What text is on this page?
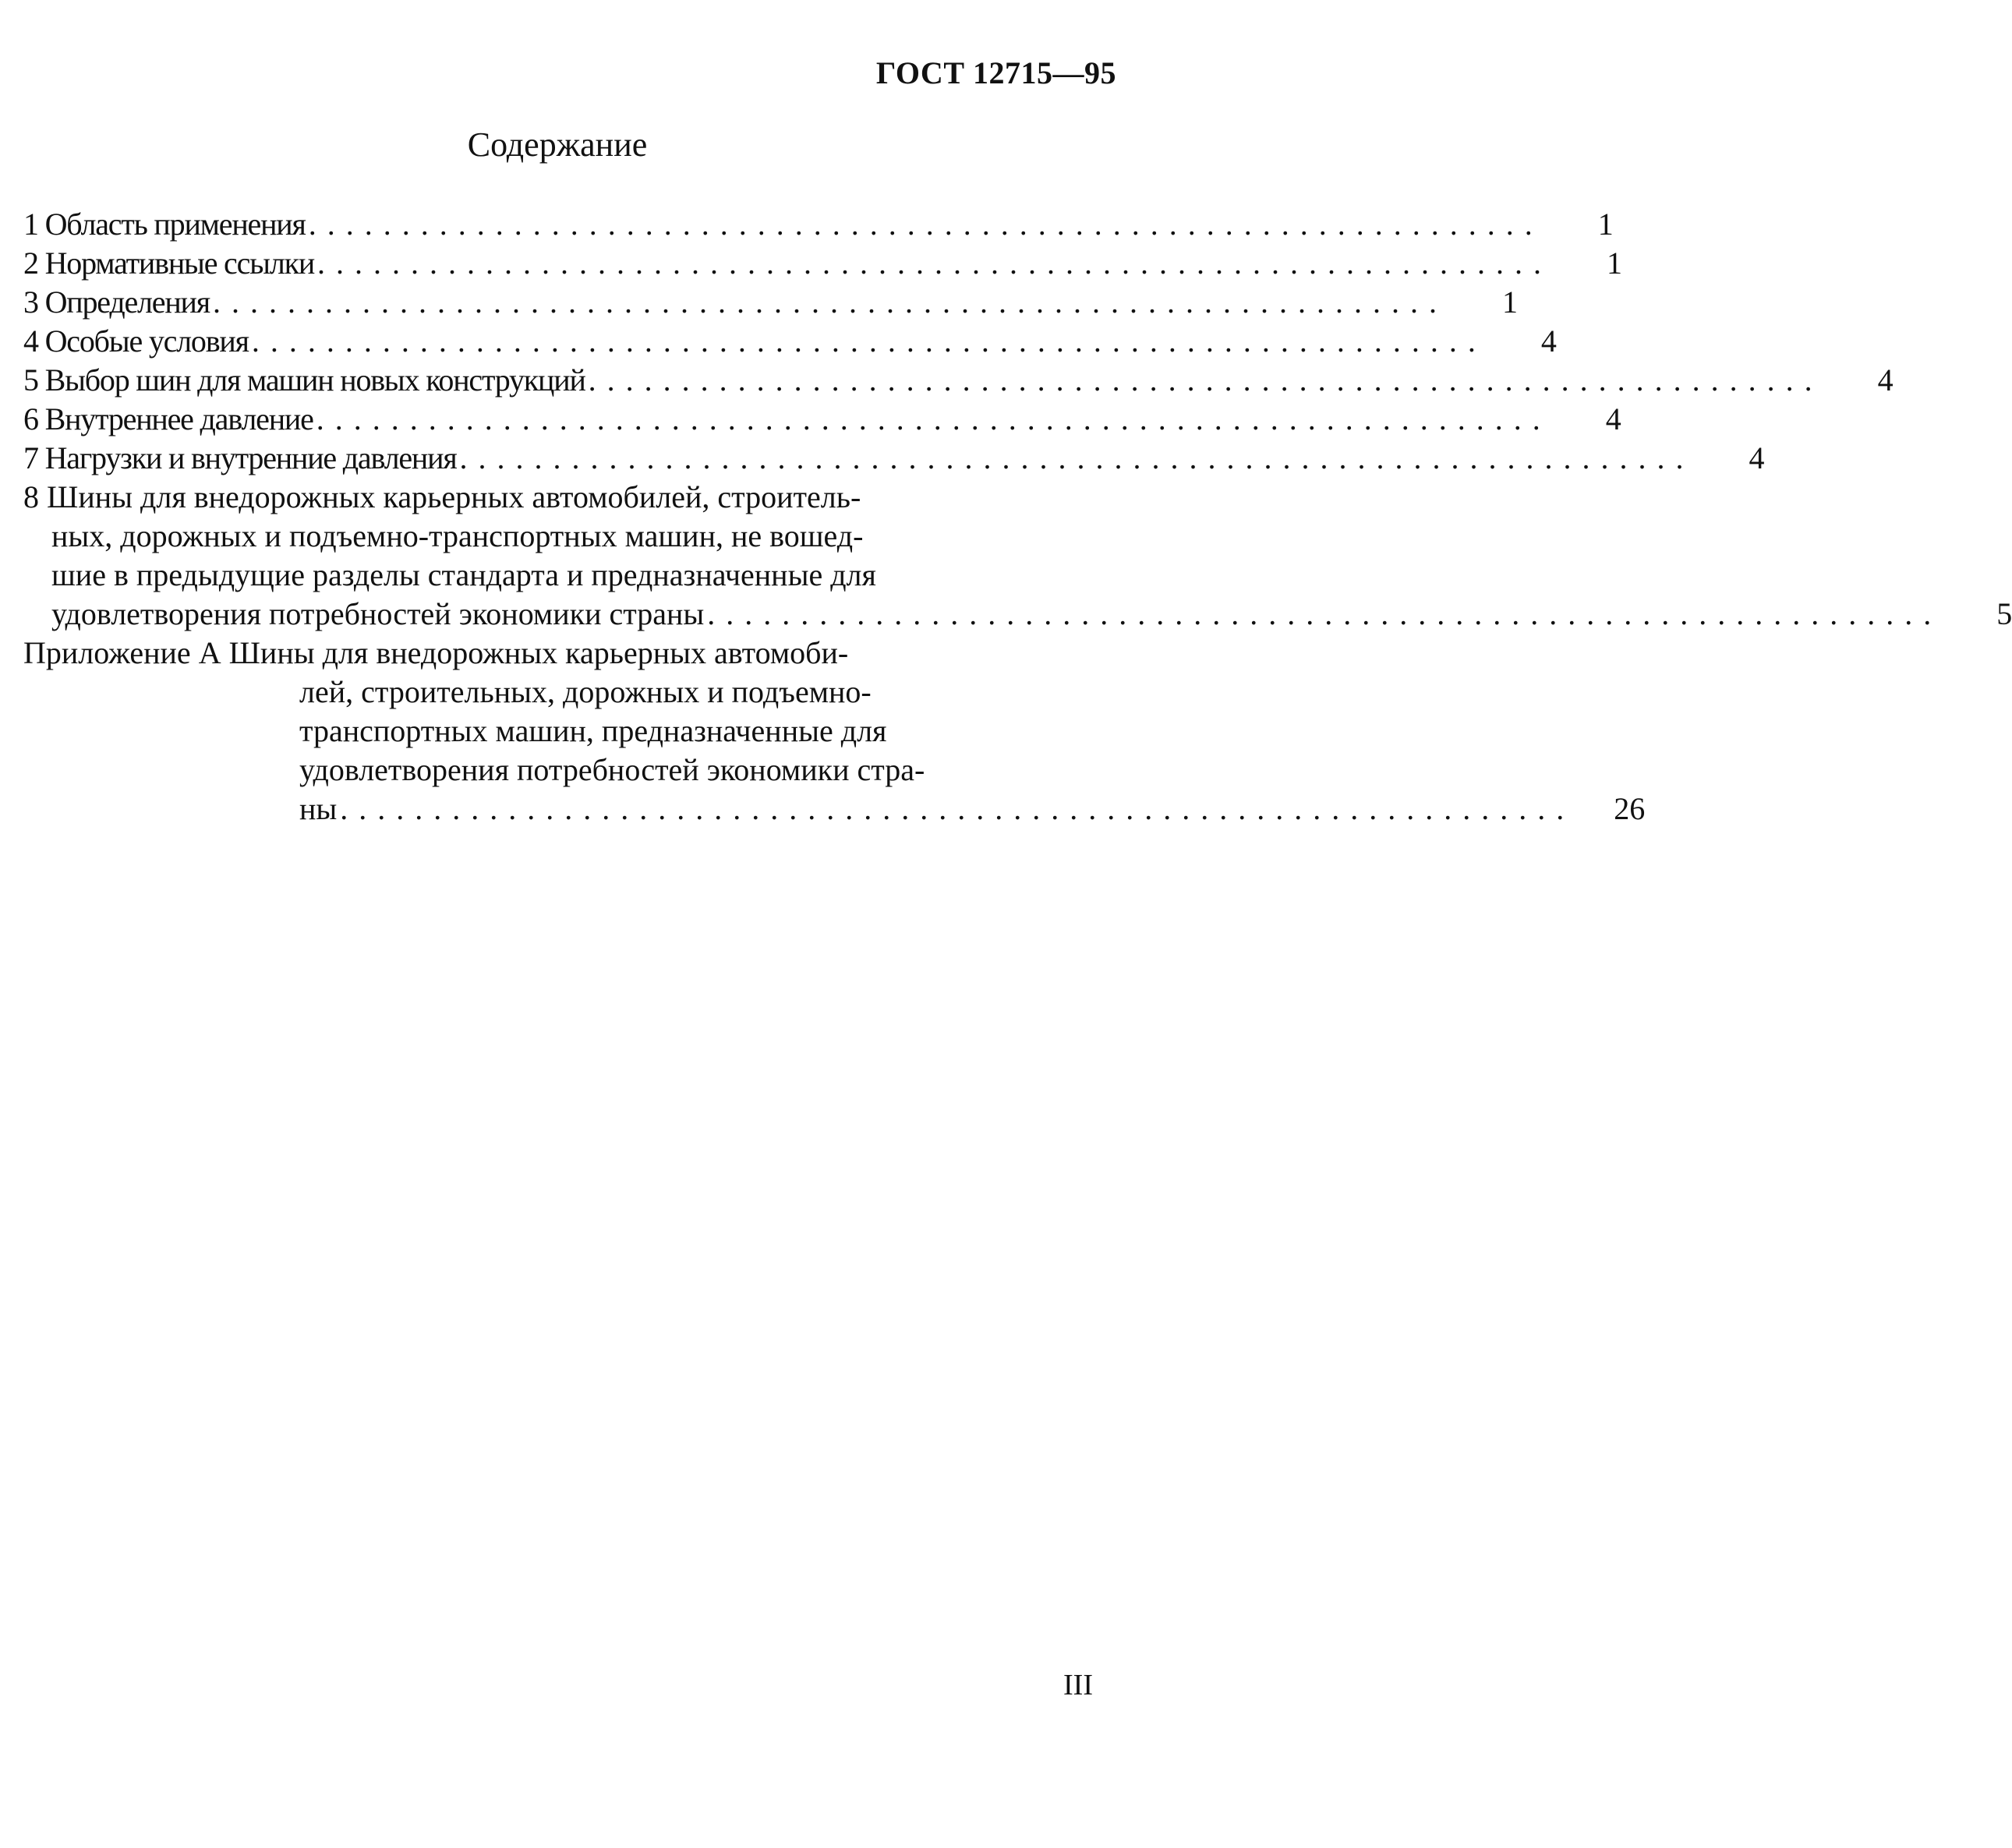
ГОСТ 12715—95
Содержание
1 Область применения ..................................................................	1
2 Нормативные ссылки ..................................................................	1
3 Определения ..................................................................	1
4 Особые условия ..................................................................	4
5 Выбор шин для машин новых конструкций ..................................................................	4
6 Внутреннее давление ..................................................................	4
7 Нагрузки и внутренние давления ..................................................................	4
8 Шины для внедорожных карьерных автомобилей, строитель-
ных, дорожных и подъемно-транспортных машин, не вошед-
шие в предыдущие разделы стандарта и предназначенные для
удовлетворения потребностей экономики страны ..................................................................	5
Приложение А Шины для внедорожных карьерных автомоби-
лей, строительных, дорожных и подъемно-
транспортных машин, предназначенные для
удовлетворения потребностей экономики стра-
ны ..................................................................	26
III
